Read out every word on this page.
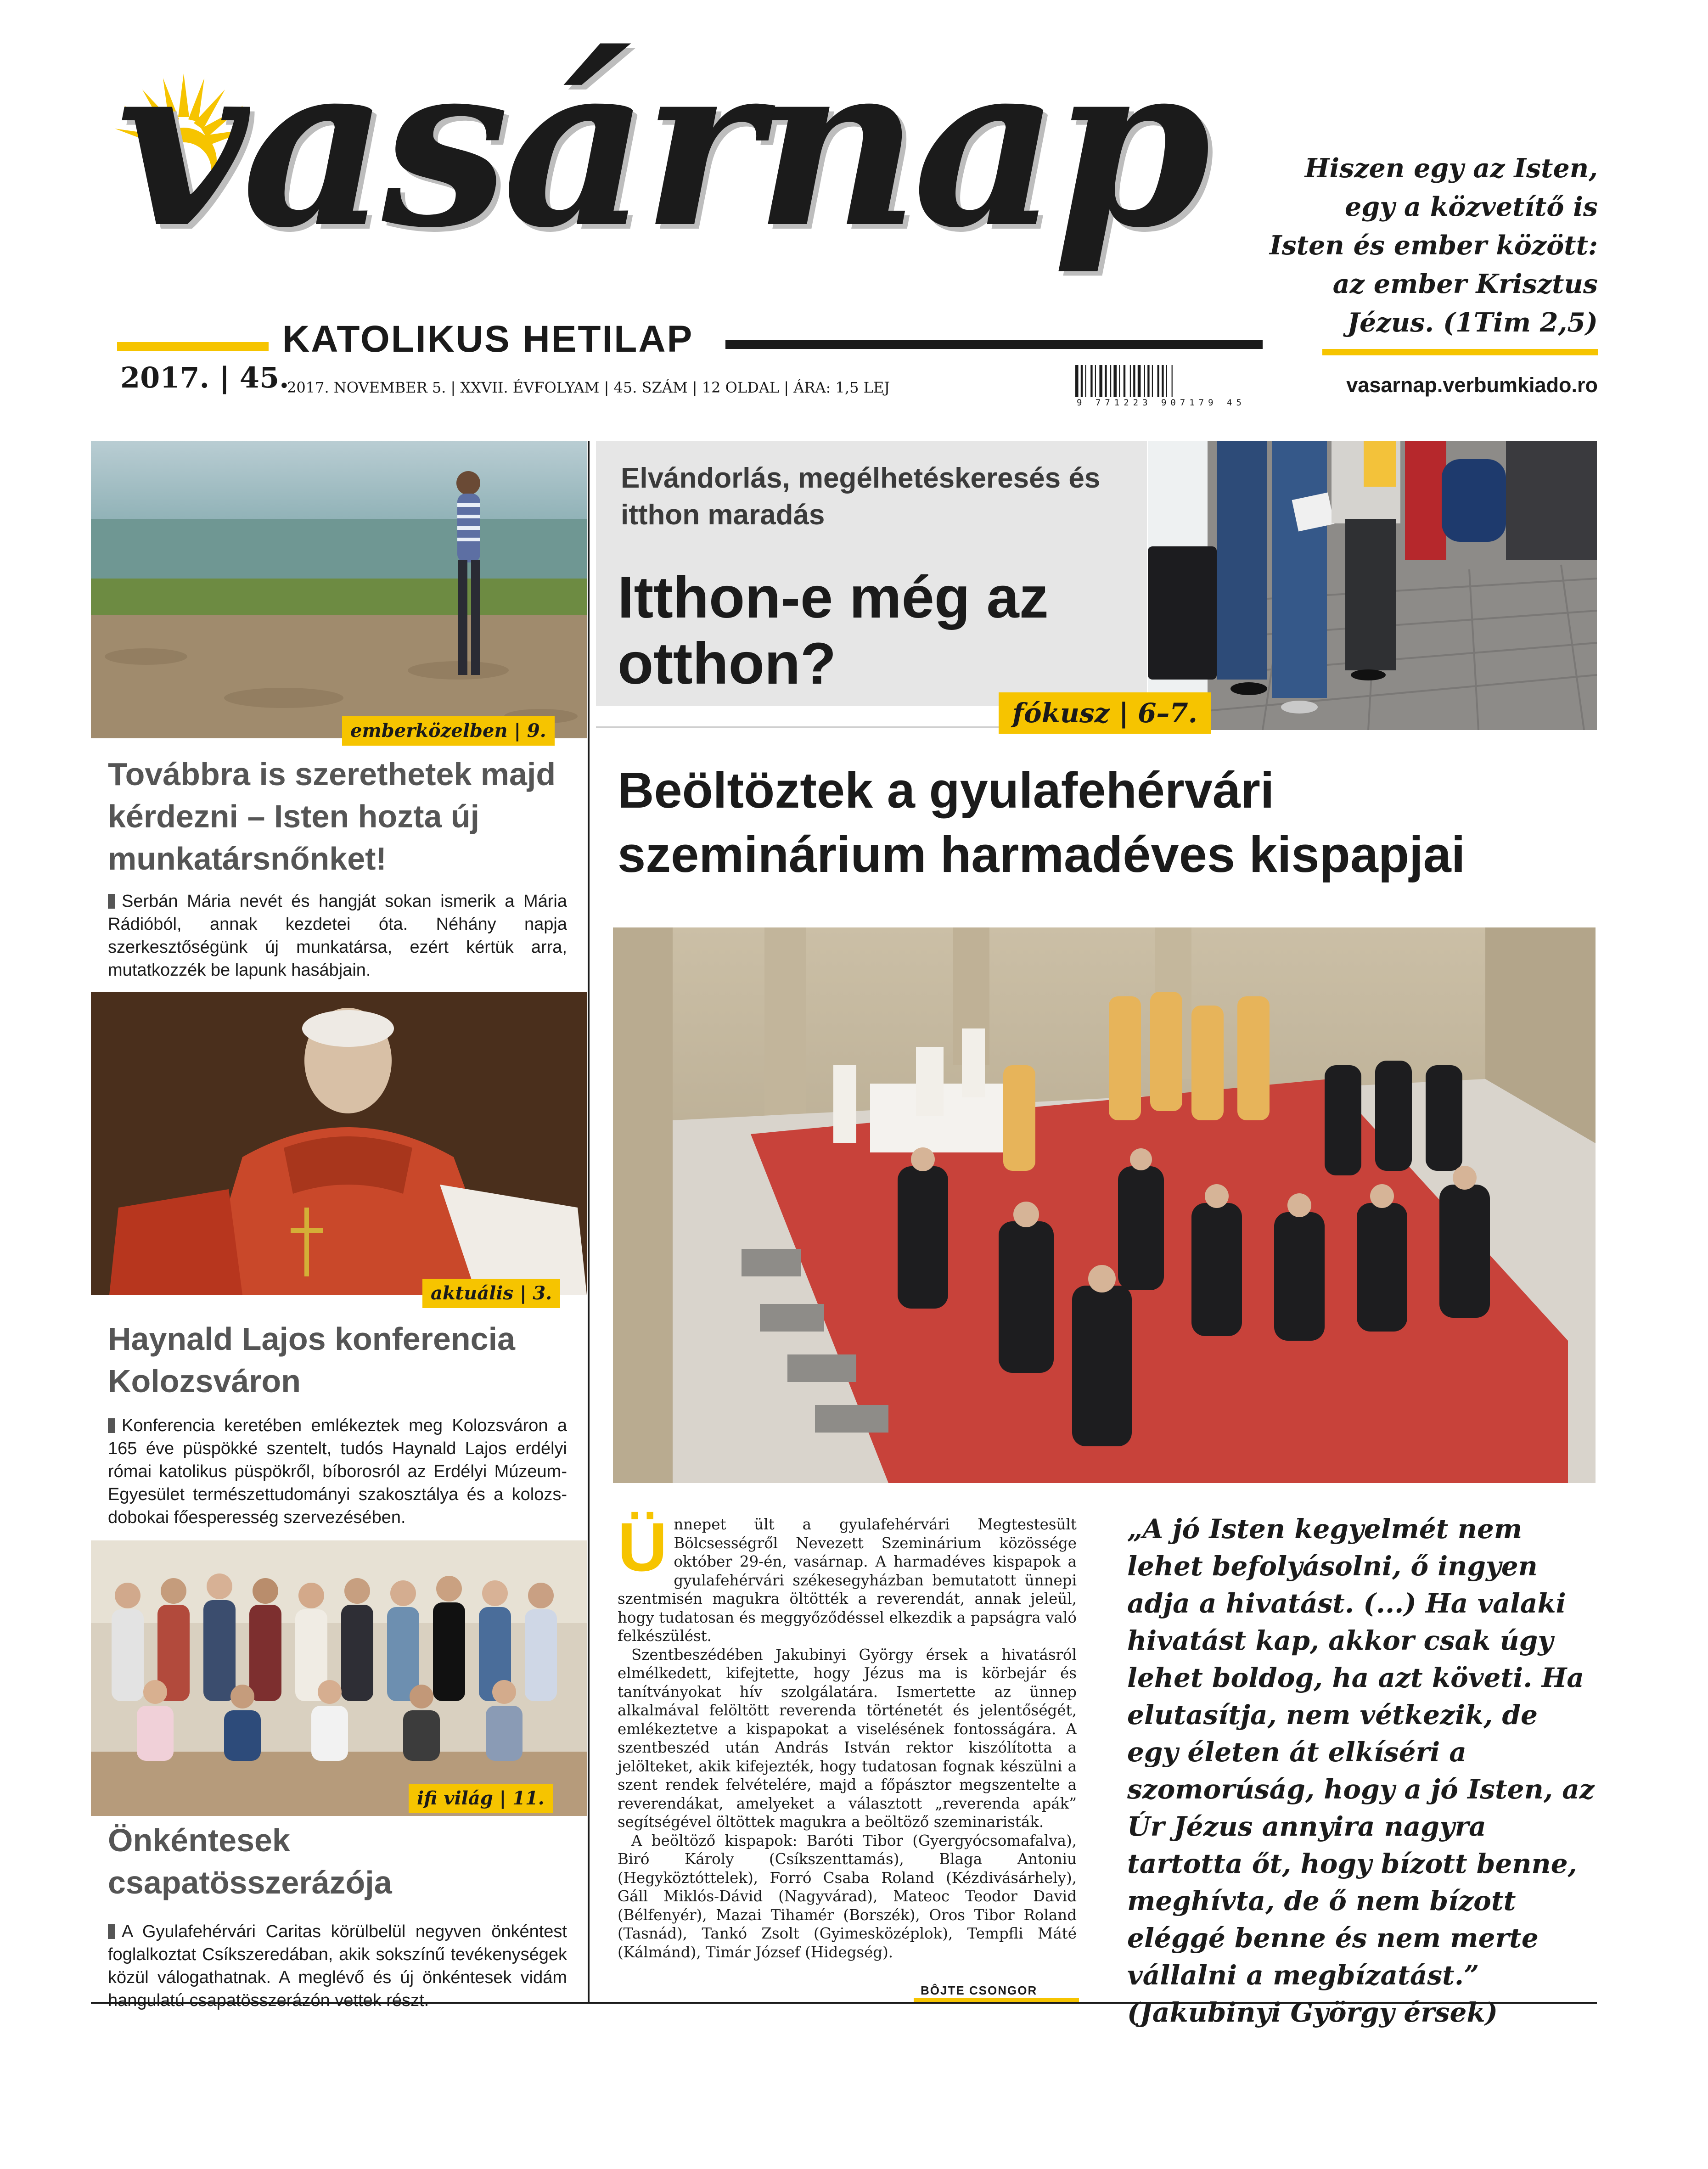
vasárnap
KATOLIKUS HETILAP
2017. | 45.
2017. NOVEMBER 5. | XXVII. ÉVFOLYAM | 45. SZÁM | 12 OLDAL | ÁRA: 1,5 LEJ
9 771223 907179 45
Hiszen egy az Isten, egy a közvetítő is Isten és ember között: az ember Krisztus Jézus. (1Tim 2,5)
vasarnap.verbumkiado.ro
emberközelben | 9.
Továbbra is szerethetek majd kérdezni – Isten hozta új munkatársnőnket!
Serbán Mária nevét és hangját sokan ismerik a Mária Rádióból, annak kezdetei óta. Néhány napja szerkesztőségünk új munkatársa, ezért kértük arra, mutatkozzék be lapunk hasábjain.
aktuális | 3.
Haynald Lajos konferencia Kolozsváron
Konferencia keretében emlékeztek meg Kolozsváron a 165 éve püspökké szentelt, tudós Haynald Lajos erdélyi római katolikus püspökről, bíborosról az Erdélyi Múzeum-Egyesület természettudományi szakosztálya és a kolozs-dobokai főesperesség szervezésében.
ifi világ | 11.
Önkéntesek csapatösszerázója
A Gyulafehérvári Caritas körülbelül negyven önkéntest foglalkoztat Csíkszeredában, akik sokszínű tevékenységek közül válogathatnak. A meglévő és új önkéntesek vidám hangulatú csapatösszerázón vettek részt.
Elvándorlás, megélhetéskeresés és itthon maradás
Itthon-e még az otthon?
fókusz | 6–7.
Beöltöztek a gyulafehérvári
szeminárium harmadéves kispapjai
Ü nnepet ült a gyulafehérvári Megtestesült Bölcsességről Nevezett Szeminárium közössége október 29-én, vasárnap. A harmadéves kispapok a gyulafehérvári székesegyházban bemutatott ünnepi szentmisén magukra öltötték a reverendát, annak jeleül, hogy tudatosan és meggyőződéssel elkezdik a papságra való felkészülést.

Szentbeszédében Jakubinyi György érsek a hivatásról elmélkedett, kifejtette, hogy Jézus ma is körbejár és tanítványokat hív szolgálatára. Ismertette az ünnep alkalmával felöltött reverenda történetét és jelentőségét, emlékeztetve a kispapokat a viselésének fontosságára. A szentbeszéd után András István rektor kiszólította a jelölteket, akik kifejezték, hogy tudatosan fognak készülni a szent rendek felvételére, majd a főpásztor megszentelte a reverendákat, amelyeket a választott „reverenda apák” segítségével öltöttek magukra a beöltöző szeminaristák.

A beöltöző kispapok: Baróti Tibor (Gyergyócsomafalva), Biró Károly (Csíkszenttamás), Blaga Antoniu (Hegyköztóttelek), Forró Csaba Roland (Kézdivásárhely), Gáll Miklós-Dávid (Nagyvárad), Mateoc Teodor David (Bélfenyér), Mazai Tihamér (Borszék), Oros Tibor Roland (Tasnád), Tankó Zsolt (Gyimesközéplok), Tempfli Máté (Kálmánd), Timár József (Hidegség).

BÔJTE CSONGOR
„A jó Isten kegyelmét nem lehet befolyásolni, ő ingyen adja a hivatást. (...) Ha valaki hivatást kap, akkor csak úgy lehet boldog, ha azt követi. Ha elutasítja, nem vétkezik, de egy életen át elkíséri a szomorúság, hogy a jó Isten, az Úr Jézus annyira nagyra tartotta őt, hogy bízott benne, meghívta, de ő nem bízott eléggé benne és nem merte vállalni a megbízatást.” (Jakubinyi György érsek)
